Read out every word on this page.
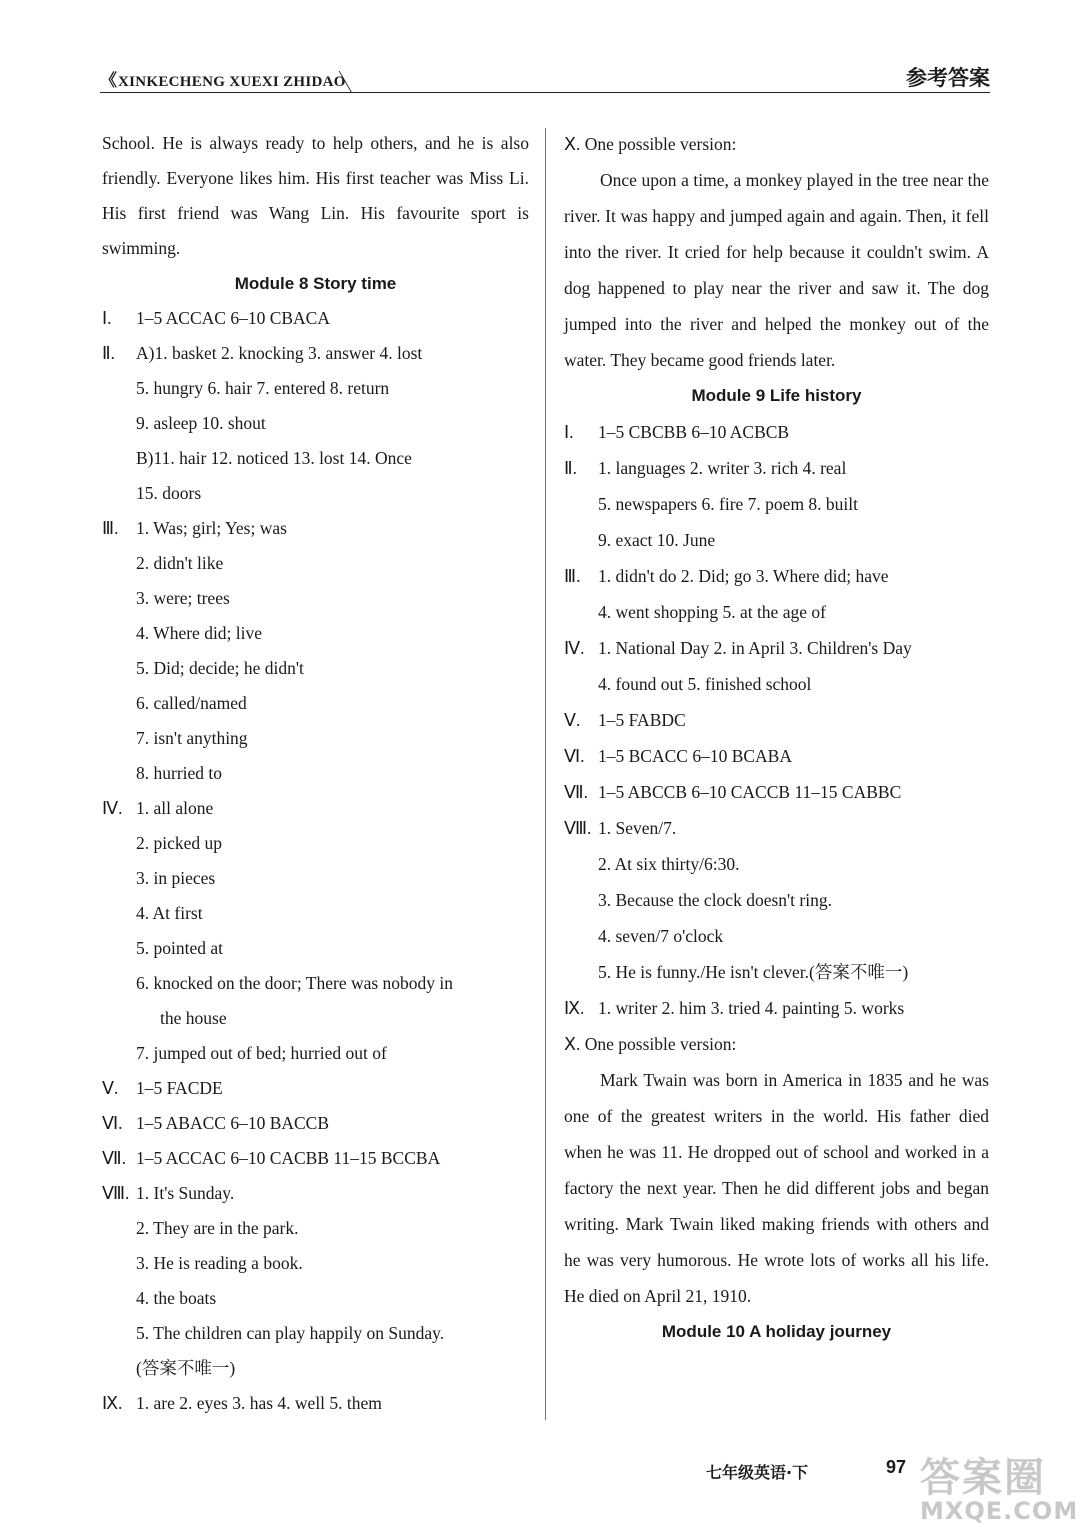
《 XINKECHENG XUEXI ZHIDAO	参考答案
School. He is always ready to help others, and he is also friendly. Everyone likes him. His first teacher was Miss Li. His first friend was Wang Lin. His favourite sport is swimming.
Module 8 Story time
Ⅰ. 1–5 ACCAC 6–10 CBACA
Ⅱ. A)1. basket 2. knocking 3. answer 4. lost
5. hungry 6. hair 7. entered 8. return
9. asleep 10. shout
B)11. hair 12. noticed 13. lost 14. Once
15. doors
Ⅲ. 1. Was; girl; Yes; was
2. didn't like
3. were; trees
4. Where did; live
5. Did; decide; he didn't
6. called/named
7. isn't anything
8. hurried to
Ⅳ. 1. all alone
2. picked up
3. in pieces
4. At first
5. pointed at
6. knocked on the door; There was nobody in
the house
7. jumped out of bed; hurried out of
Ⅴ. 1–5 FACDE
Ⅵ. 1–5 ABACC 6–10 BACCB
Ⅶ. 1–5 ACCAC 6–10 CACBB 11–15 BCCBA
Ⅷ. 1. It's Sunday.
2. They are in the park.
3. He is reading a book.
4. the boats
5. The children can play happily on Sunday.
(答案不唯一)
Ⅸ. 1. are 2. eyes 3. has 4. well 5. them
Ⅹ. One possible version:
Once upon a time, a monkey played in the tree near the river. It was happy and jumped again and again. Then, it fell into the river. It cried for help because it couldn't swim. A dog happened to play near the river and saw it. The dog jumped into the river and helped the monkey out of the water. They became good friends later.
Module 9 Life history
Ⅰ. 1–5 CBCBB 6–10 ACBCB
Ⅱ. 1. languages 2. writer 3. rich 4. real
5. newspapers 6. fire 7. poem 8. built
9. exact 10. June
Ⅲ. 1. didn't do 2. Did; go 3. Where did; have
4. went shopping 5. at the age of
Ⅳ. 1. National Day 2. in April 3. Children's Day
4. found out 5. finished school
Ⅴ. 1–5 FABDC
Ⅵ. 1–5 BCACC 6–10 BCABA
Ⅶ. 1–5 ABCCB 6–10 CACCB 11–15 CABBC
Ⅷ. 1. Seven/7.
2. At six thirty/6:30.
3. Because the clock doesn't ring.
4. seven/7 o'clock
5. He is funny./He isn't clever.(答案不唯一)
Ⅸ. 1. writer 2. him 3. tried 4. painting 5. works
Ⅹ. One possible version:
Mark Twain was born in America in 1835 and he was one of the greatest writers in the world. His father died when he was 11. He dropped out of school and worked in a factory the next year. Then he did different jobs and began writing. Mark Twain liked making friends with others and he was very humorous. He wrote lots of works all his life. He died on April 21, 1910.
Module 10 A holiday journey
七年级英语·下	97 答案圈
MXQE.COM
